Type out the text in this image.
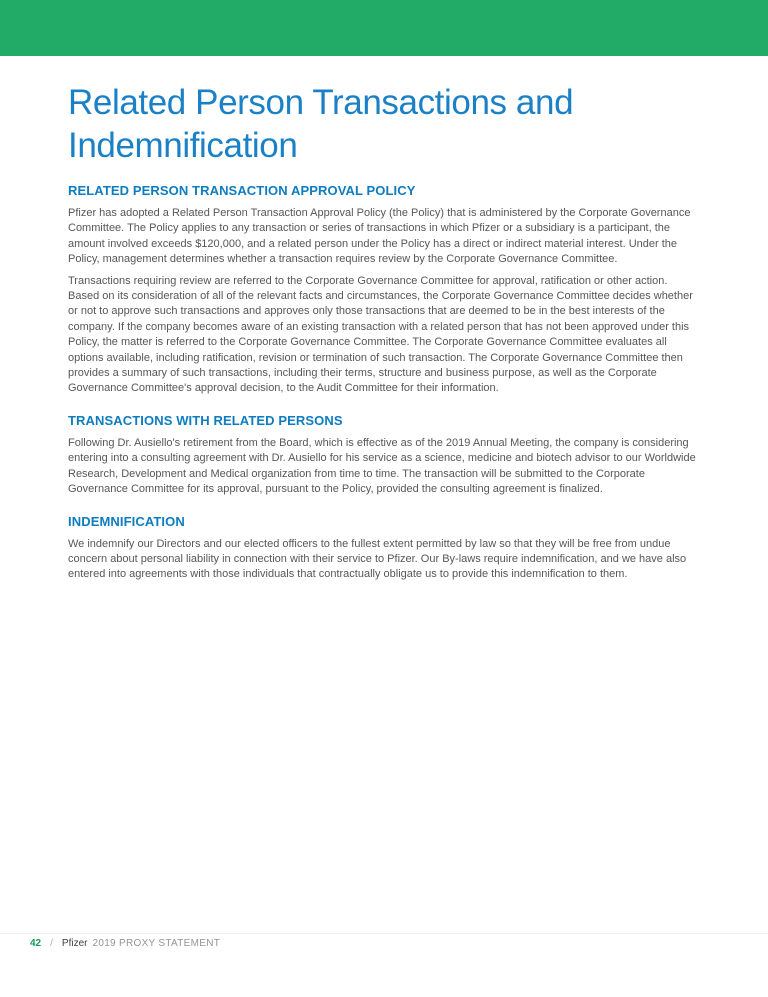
Related Person Transactions and Indemnification
RELATED PERSON TRANSACTION APPROVAL POLICY

Pfizer has adopted a Related Person Transaction Approval Policy (the Policy) that is administered by the Corporate Governance Committee. The Policy applies to any transaction or series of transactions in which Pfizer or a subsidiary is a participant, the amount involved exceeds $120,000, and a related person under the Policy has a direct or indirect material interest. Under the Policy, management determines whether a transaction requires review by the Corporate Governance Committee.

Transactions requiring review are referred to the Corporate Governance Committee for approval, ratification or other action. Based on its consideration of all of the relevant facts and circumstances, the Corporate Governance Committee decides whether or not to approve such transactions and approves only those transactions that are deemed to be in the best interests of the company. If the company becomes aware of an existing transaction with a related person that has not been approved under this Policy, the matter is referred to the Corporate Governance Committee. The Corporate Governance Committee evaluates all options available, including ratification, revision or termination of such transaction. The Corporate Governance Committee then provides a summary of such transactions, including their terms, structure and business purpose, as well as the Corporate Governance Committee's approval decision, to the Audit Committee for their information.

TRANSACTIONS WITH RELATED PERSONS

Following Dr. Ausiello's retirement from the Board, which is effective as of the 2019 Annual Meeting, the company is considering entering into a consulting agreement with Dr. Ausiello for his service as a science, medicine and biotech advisor to our Worldwide Research, Development and Medical organization from time to time. The transaction will be submitted to the Corporate Governance Committee for its approval, pursuant to the Policy, provided the consulting agreement is finalized.

INDEMNIFICATION

We indemnify our Directors and our elected officers to the fullest extent permitted by law so that they will be free from undue concern about personal liability in connection with their service to Pfizer. Our By-laws require indemnification, and we have also entered into agreements with those individuals that contractually obligate us to provide this indemnification to them.

42 / Pfizer 2019 PROXY STATEMENT
